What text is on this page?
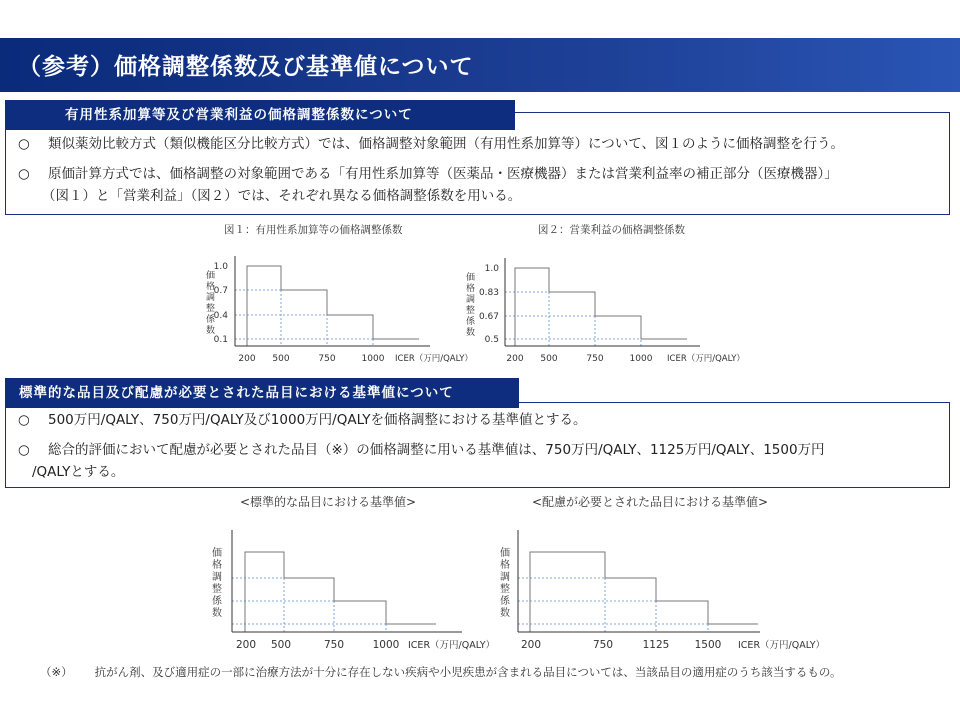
（参考）価格調整係数及び基準値について
○ 類似薬効比較方式（類似機能区分比較方式）では、価格調整対象範囲（有用性系加算等）について、図１のように価格調整を行う。
○ 原価計算方式では、価格調整の対象範囲である「有用性系加算等（医薬品・医療機器）または営業利益率の補正部分（医療機器）」
（図１）と「営業利益」（図２）では、それぞれ異なる価格調整係数を用いる。
有用性系加算等及び営業利益の価格調整係数について
図１：有用性系加算等の価格調整係数
1.0
0.7
0.4
0.1
200 500	750	1000 ICER（万円/QALY）
価格調整係数
図２：営業利益の価格調整係数
1.0
0.83
0.67
0.5
200 500	750	1000 ICER（万円/QALY）
価格調整係数
○ 500万円/QALY、750万円/QALY及び1000万円/QALYを価格調整における基準値とする。
○ 総合的評価において配慮が必要とされた品目（※）の価格調整に用いる基準値は、750万円/QALY、1125万円/QALY、1500万円
/QALYとする。
標準的な品目及び配慮が必要とされた品目における基準値について
<標準的な品目における基準値>
200 500	750	1000 ICER（万円/QALY）
価格調整係数
<配慮が必要とされた品目における基準値>
200	750	1125 1500 ICER（万円/QALY）
価格調整係数
（※） 抗がん剤、及び適用症の一部に治療方法が十分に存在しない疾病や小児疾患が含まれる品目については、当該品目の適用症のうち該当するもの。
